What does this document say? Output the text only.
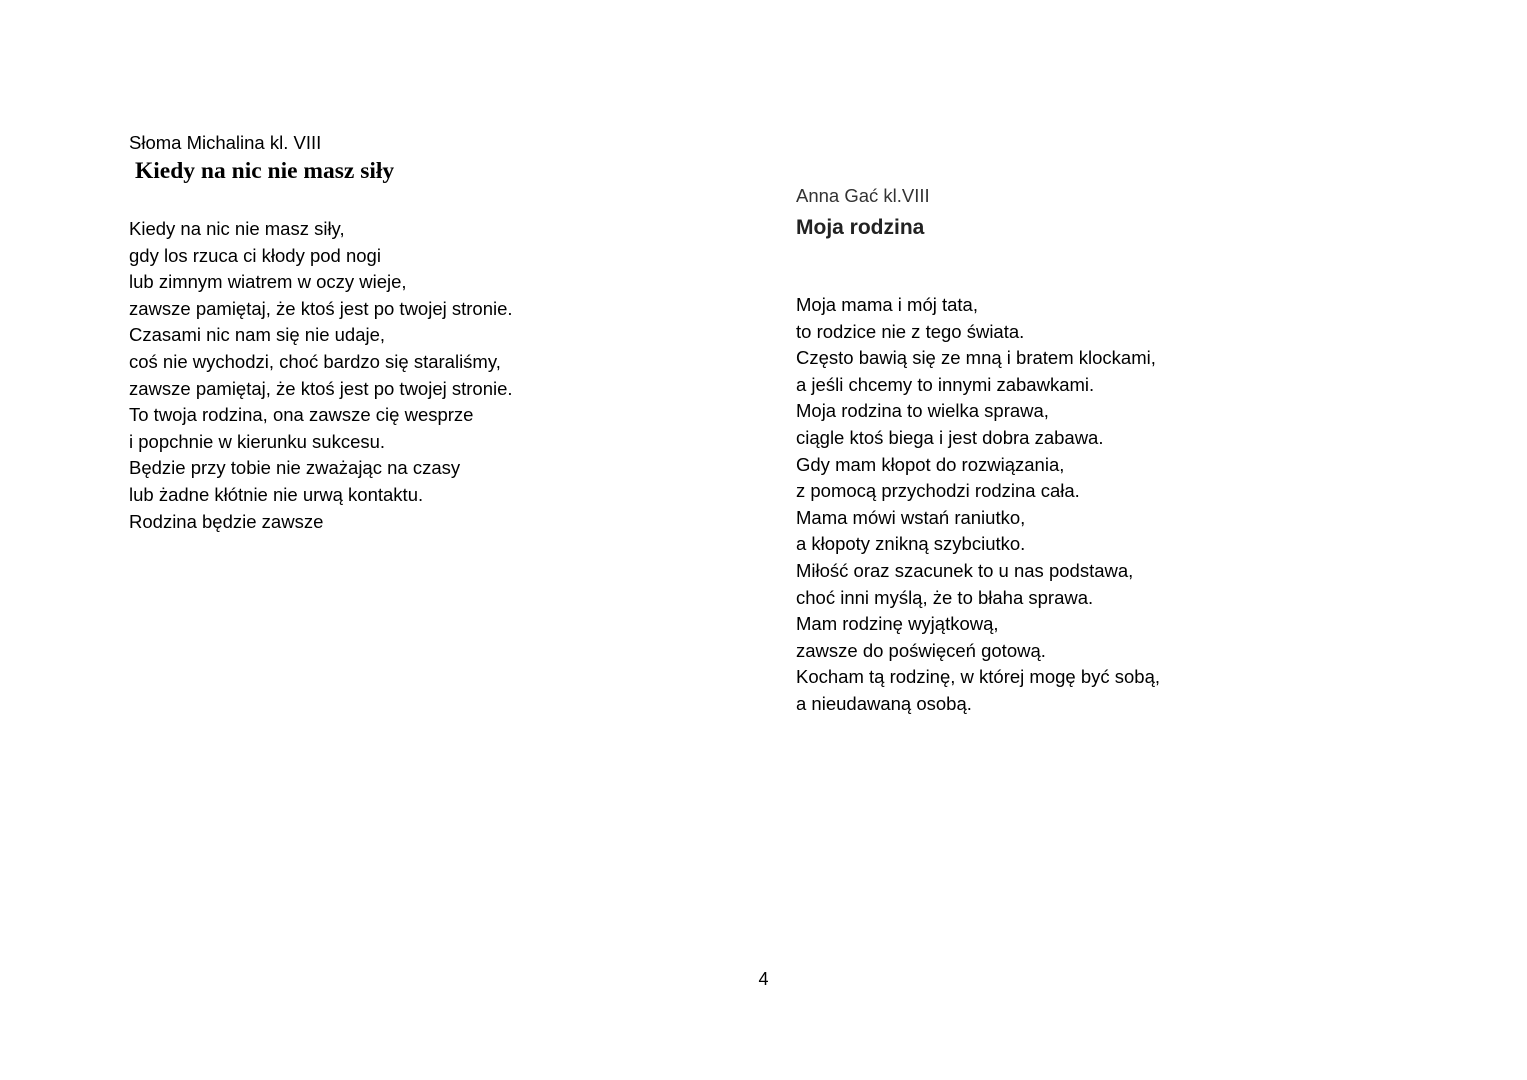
Słoma Michalina kl. VIII
Kiedy na nic nie masz siły
Kiedy na nic nie masz siły,
gdy los rzuca ci kłody pod nogi
lub zimnym wiatrem w oczy wieje,
zawsze pamiętaj, że ktoś jest po twojej stronie.
Czasami nic nam się nie udaje,
coś nie wychodzi, choć bardzo się staraliśmy,
zawsze pamiętaj, że ktoś jest po twojej stronie.
To twoja rodzina, ona zawsze cię wesprze
i popchnie w kierunku sukcesu.
Będzie przy tobie nie zważając na czasy
lub żadne kłótnie nie urwą kontaktu.
Rodzina będzie zawsze
Anna Gać kl.VIII
Moja rodzina
Moja mama i mój tata,
to rodzice nie z tego świata.
Często bawią się ze mną i bratem klockami,
a jeśli chcemy to innymi zabawkami.
Moja rodzina to wielka sprawa,
ciągle ktoś biega i jest dobra zabawa.
Gdy mam kłopot do rozwiązania,
z pomocą przychodzi rodzina cała.
Mama mówi wstań raniutko,
a kłopoty znikną szybciutko.
Miłość oraz szacunek to u nas podstawa,
choć inni myślą, że to błaha sprawa.
Mam rodzinę wyjątkową,
zawsze do poświęceń gotową.
Kocham tą rodzinę, w której mogę być sobą,
a nieudawaną osobą.
4
